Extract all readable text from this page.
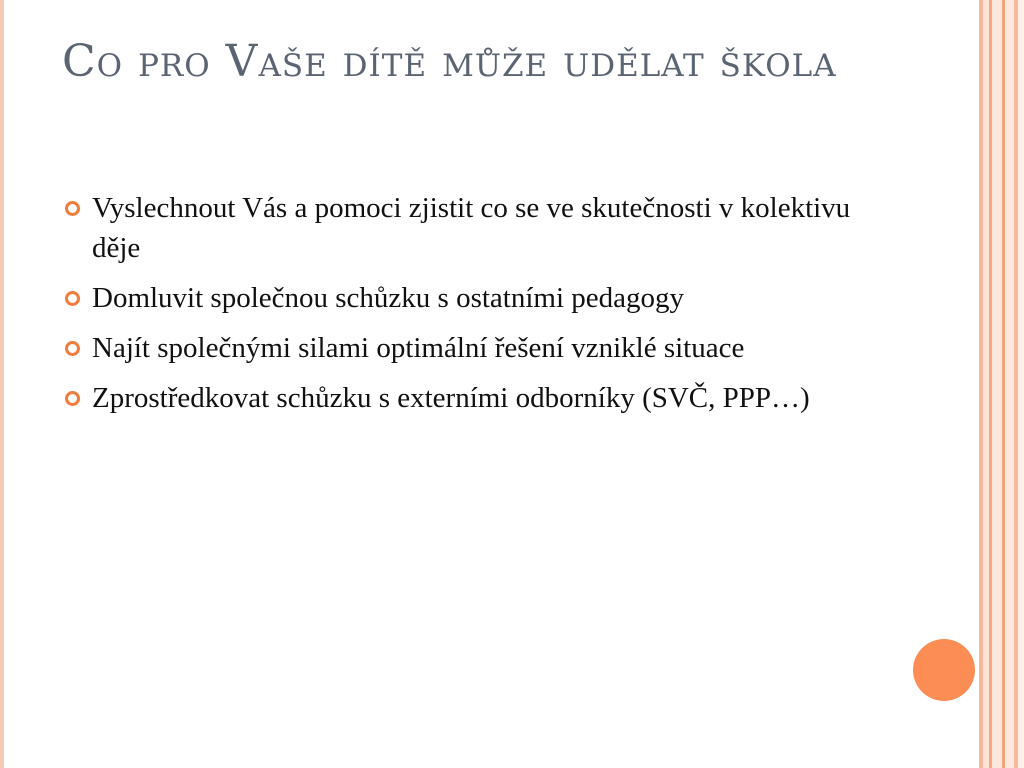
Co pro Vaše dítě může udělat škola
Vyslechnout Vás a pomoci zjistit co se ve skutečnosti v kolektivu děje
Domluvit společnou schůzku s ostatními pedagogy
Najít společnými silami optimální řešení vzniklé situace
Zprostředkovat schůzku s externími odborníky (SVČ, PPP…)
